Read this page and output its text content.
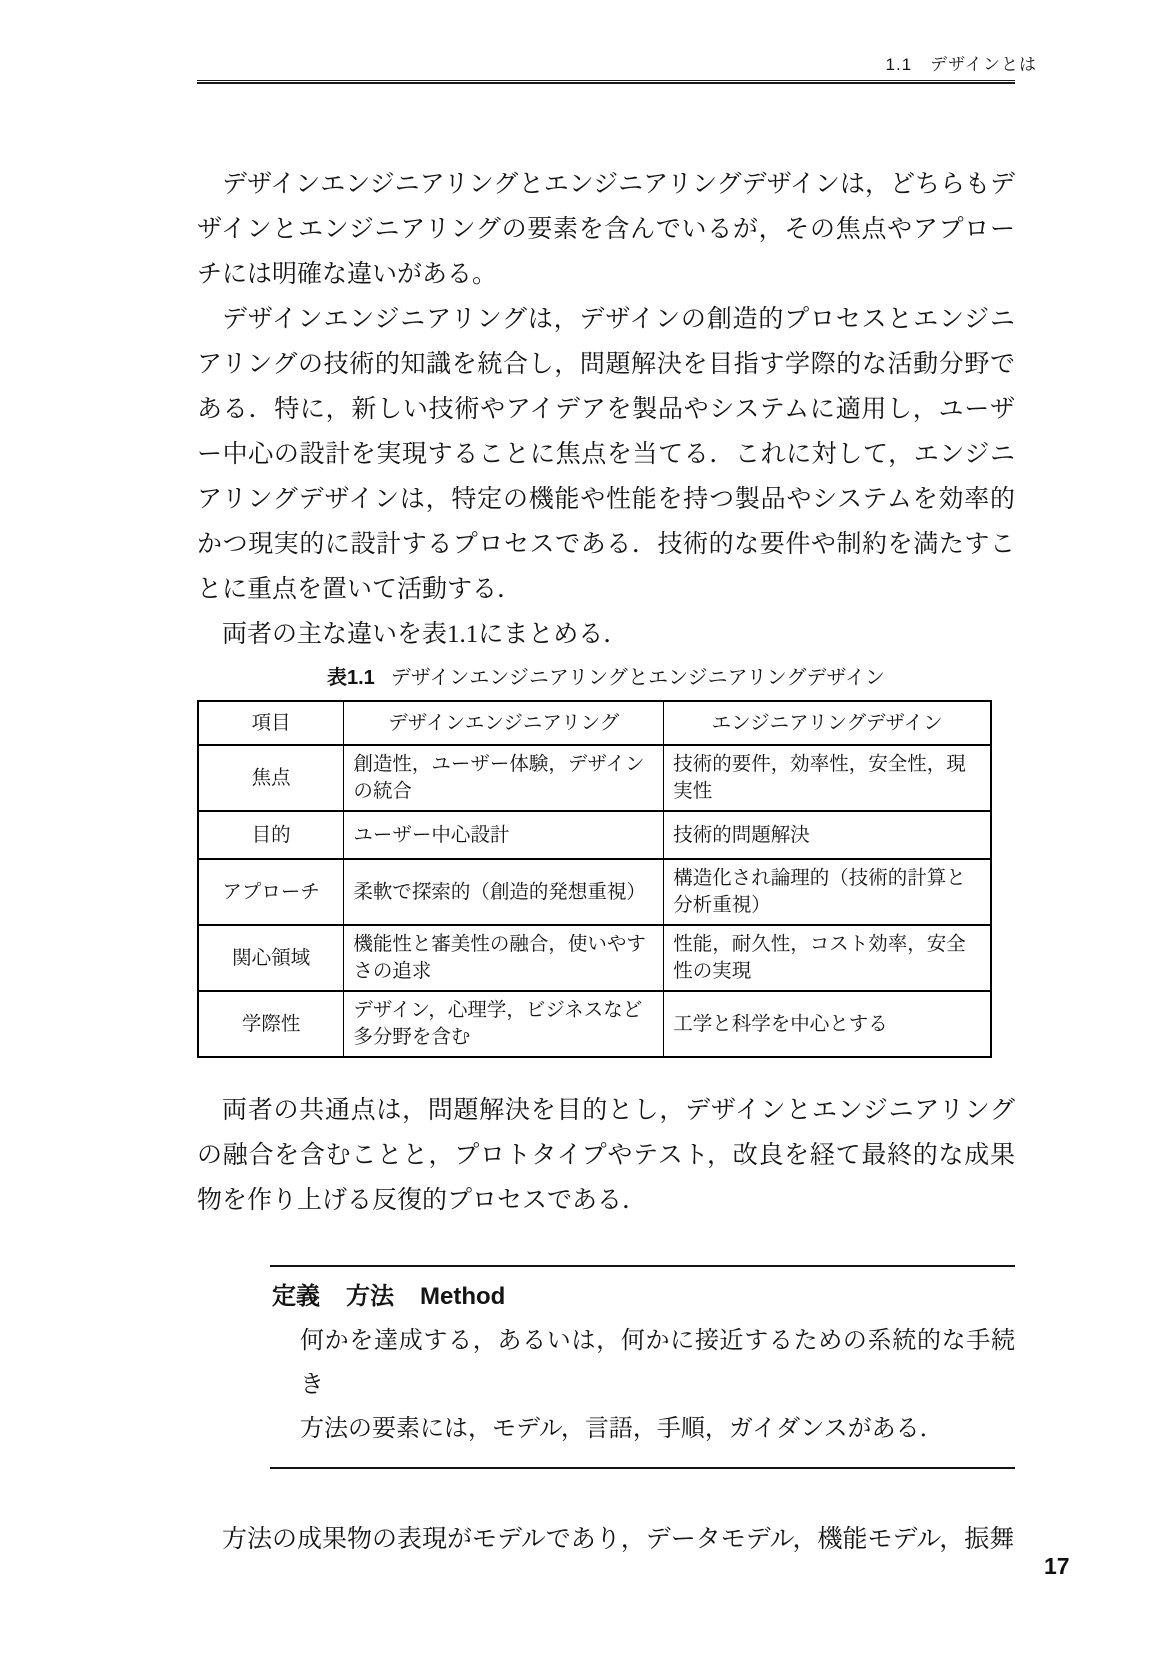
1.1　デザインとは

デザインエンジニアリングとエンジニアリングデザインは，どちらもデザインとエンジニアリングの要素を含んでいるが，その焦点やアプローチには明確な違いがある。

デザインエンジニアリングは，デザインの創造的プロセスとエンジニアリングの技術的知識を統合し，問題解決を目指す学際的な活動分野である．特に，新しい技術やアイデアを製品やシステムに適用し，ユーザー中心の設計を実現することに焦点を当てる．これに対して，エンジニアリングデザインは，特定の機能や性能を持つ製品やシステムを効率的かつ現実的に設計するプロセスである．技術的な要件や制約を満たすことに重点を置いて活動する．

両者の主な違いを表1.1にまとめる．

表1.1 デザインエンジニアリングとエンジニアリングデザイン

項目	デザインエンジニアリング	エンジニアリングデザイン
焦点	創造性，ユーザー体験，デザインの統合	技術的要件，効率性，安全性，現実性
目的	ユーザー中心設計	技術的問題解決
アプローチ	柔軟で探索的（創造的発想重視）	構造化され論理的（技術的計算と分析重視）
関心領域	機能性と審美性の融合，使いやすさの追求	性能，耐久性，コスト効率，安全性の実現
学際性	デザイン，心理学，ビジネスなど多分野を含む	工学と科学を中心とする

両者の共通点は，問題解決を目的とし，デザインとエンジニアリングの融合を含むことと，プロトタイプやテスト，改良を経て最終的な成果物を作り上げる反復的プロセスである．

定義 方法 Method

何かを達成する，あるいは，何かに接近するための系統的な手続き
方法の要素には，モデル，言語，手順，ガイダンスがある．

方法の成果物の表現がモデルであり，データモデル，機能モデル，振舞

17
